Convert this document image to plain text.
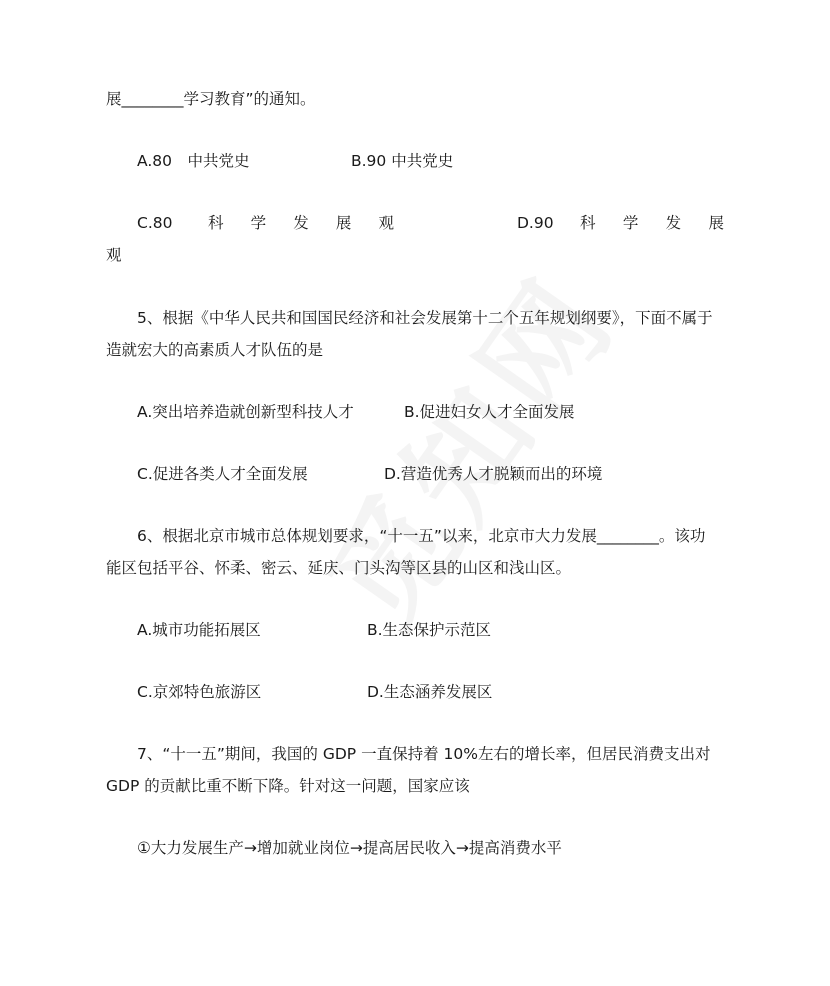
展________学习教育”的通知。
A.80　中共党史	B.90 中共党史
C.80 科 学 发 展 观	D.90 科 学 发 展
观
5、根据《中华人民共和国国民经济和社会发展第十二个五年规划纲要》，下面不属于
造就宏大的高素质人才队伍的是
A.突出培养造就创新型科技人才	B.促进妇女人才全面发展
C.促进各类人才全面发展	D.营造优秀人才脱颖而出的环境
6、根据北京市城市总体规划要求，“十一五”以来，北京市大力发展________。该功
能区包括平谷、怀柔、密云、延庆、门头沟等区县的山区和浅山区。
A.城市功能拓展区	B.生态保护示范区
C.京郊特色旅游区	D.生态涵养发展区
7、“十一五”期间，我国的 GDP 一直保持着 10%左右的增长率，但居民消费支出对
GDP 的贡献比重不断下降。针对这一问题，国家应该
①大力发展生产→增加就业岗位→提高居民收入→提高消费水平
